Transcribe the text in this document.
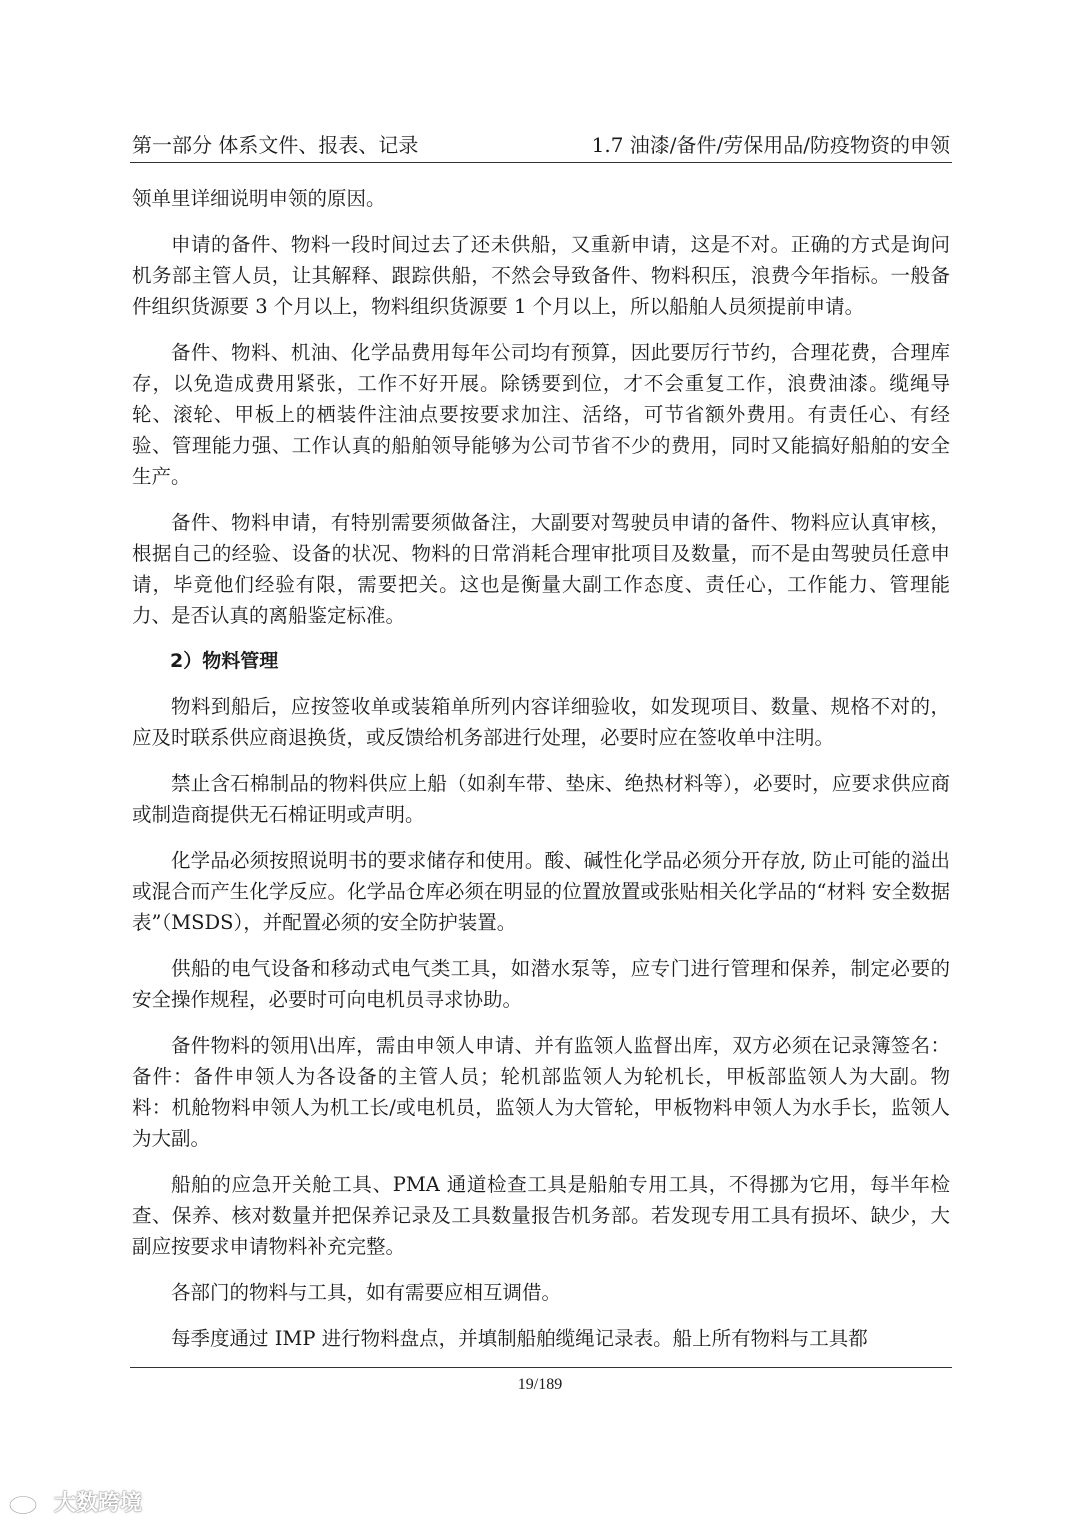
第一部分 体系文件、报表、记录	1.7 油漆/备件/劳保用品/防疫物资的申领

领单里详细说明申领的原因。

申请的备件、物料一段时间过去了还未供船，又重新申请，这是不对。正确的方式是询问机务部主管人员，让其解释、跟踪供船，不然会导致备件、物料积压，浪费今年指标。一般备件组织货源要 3 个月以上，物料组织货源要 1 个月以上，所以船舶人员须提前申请。

备件、物料、机油、化学品费用每年公司均有预算，因此要厉行节约，合理花费，合理库存，以免造成费用紧张，工作不好开展。除锈要到位，才不会重复工作，浪费油漆。缆绳导轮、滚轮、甲板上的栖装件注油点要按要求加注、活络，可节省额外费用。有责任心、有经验、管理能力强、工作认真的船舶领导能够为公司节省不少的费用，同时又能搞好船舶的安全生产。

备件、物料申请，有特别需要须做备注，大副要对驾驶员申请的备件、物料应认真审核，根据自己的经验、设备的状况、物料的日常消耗合理审批项目及数量，而不是由驾驶员任意申请，毕竟他们经验有限，需要把关。这也是衡量大副工作态度、责任心，工作能力、管理能力、是否认真的离船鉴定标准。

2）物料管理

物料到船后，应按签收单或装箱单所列内容详细验收，如发现项目、数量、规格不对的，应及时联系供应商退换货，或反馈给机务部进行处理，必要时应在签收单中注明。

禁止含石棉制品的物料供应上船（如刹车带、垫床、绝热材料等），必要时，应要求供应商或制造商提供无石棉证明或声明。

化学品必须按照说明书的要求储存和使用。酸、碱性化学品必须分开存放, 防止可能的溢出或混合而产生化学反应。化学品仓库必须在明显的位置放置或张贴相关化学品的“材料 安全数据表”（MSDS），并配置必须的安全防护装置。

供船的电气设备和移动式电气类工具，如潜水泵等，应专门进行管理和保养，制定必要的安全操作规程，必要时可向电机员寻求协助。

备件物料的领用\出库，需由申领人申请、并有监领人监督出库，双方必须在记录簿签名：备件：备件申领人为各设备的主管人员；轮机部监领人为轮机长，甲板部监领人为大副。物料：机舱物料申领人为机工长/或电机员，监领人为大管轮，甲板物料申领人为水手长，监领人为大副。

船舶的应急开关舱工具、PMA 通道检查工具是船舶专用工具，不得挪为它用，每半年检查、保养、核对数量并把保养记录及工具数量报告机务部。若发现专用工具有损坏、缺少，大副应按要求申请物料补充完整。

各部门的物料与工具，如有需要应相互调借。

每季度通过 IMP 进行物料盘点，并填制船舶缆绳记录表。船上所有物料与工具都

19/189
大数跨境
